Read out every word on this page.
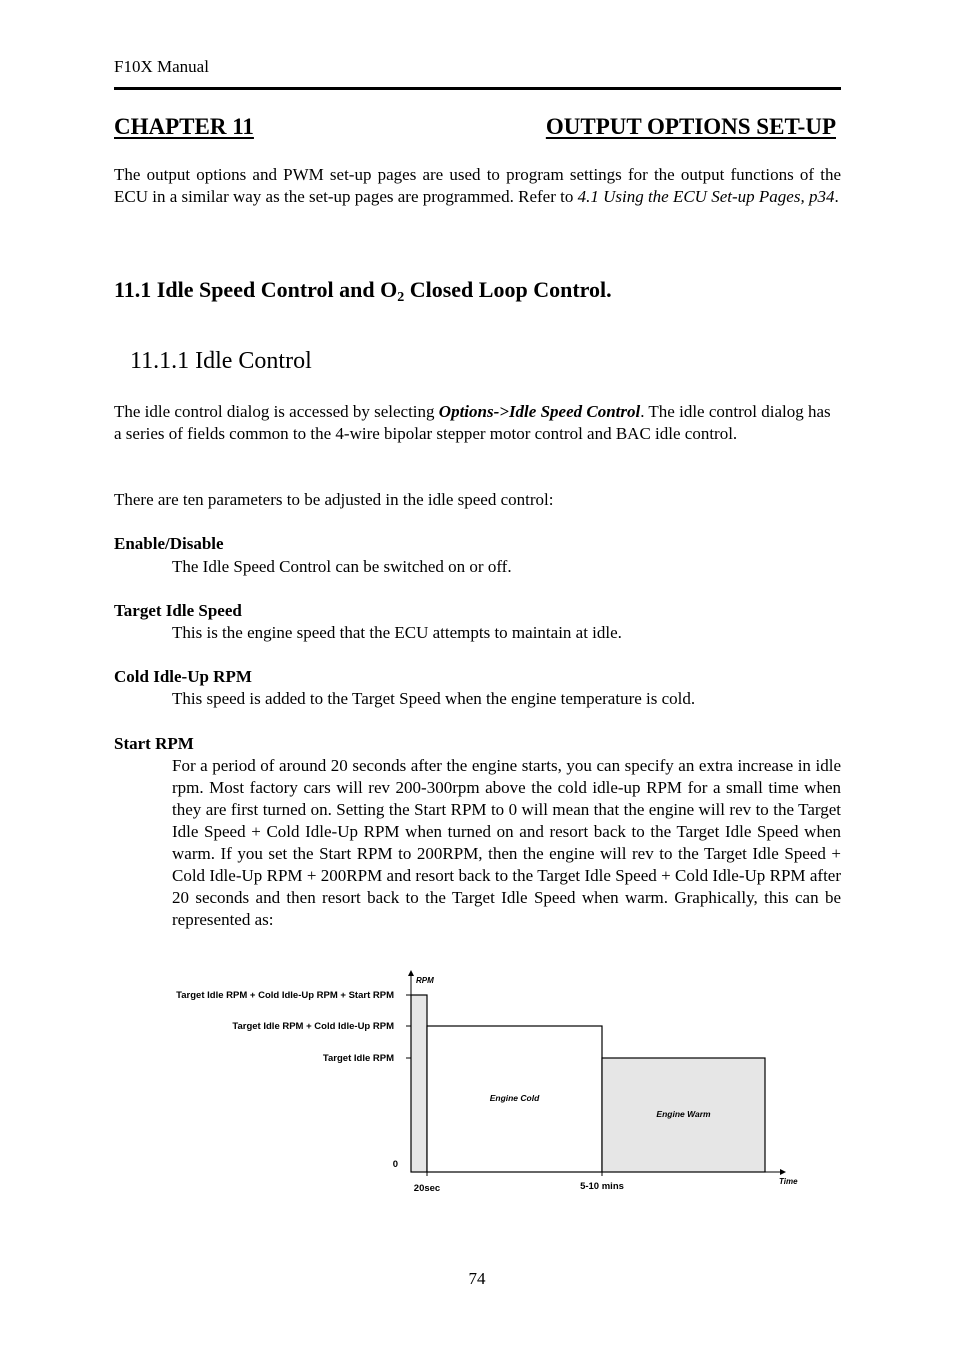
F10X Manual
CHAPTER 11	OUTPUT OPTIONS SET-UP
The output options and PWM set-up pages are used to program settings for the output functions of the ECU in a similar way as the set-up pages are programmed. Refer to 4.1 Using the ECU Set-up Pages, p34.
11.1 Idle Speed Control and $O_2$ Closed Loop Control.
11.1.1 Idle Control
The idle control dialog is accessed by selecting Options->Idle Speed Control. The idle control dialog has a series of fields common to the 4-wire bipolar stepper motor control and BAC idle control.
There are ten parameters to be adjusted in the idle speed control:
Enable/Disable
The Idle Speed Control can be switched on or off.
Target Idle Speed
This is the engine speed that the ECU attempts to maintain at idle.
Cold Idle-Up RPM
This speed is added to the Target Speed when the engine temperature is cold.
Start RPM
For a period of around 20 seconds after the engine starts, you can specify an extra increase in idle rpm. Most factory cars will rev 200-300rpm above the cold idle-up RPM for a small time when they are first turned on. Setting the Start RPM to 0 will mean that the engine will rev to the Target Idle Speed + Cold Idle-Up RPM when turned on and resort back to the Target Idle Speed when warm. If you set the Start RPM to 200RPM, then the engine will rev to the Target Idle Speed + Cold Idle-Up RPM + 200RPM and resort back to the Target Idle Speed + Cold Idle-Up RPM after 20 seconds and then resort back to the Target Idle Speed when warm. Graphically, this can be represented as:
Engine Cold
Engine Warm
Target Idle RPM + Cold Idle-Up RPM + Start RPM
Target Idle RPM + Cold Idle-Up RPM
Target Idle RPM
0
RPM
Time
20sec	5-10 mins
74
